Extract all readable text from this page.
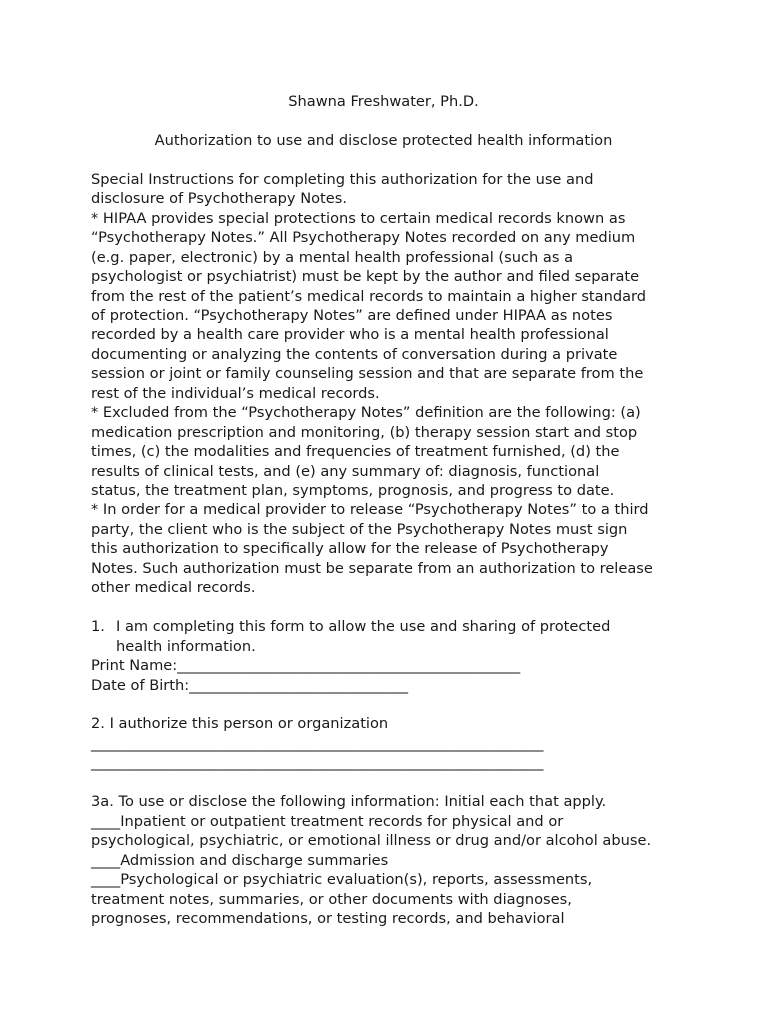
Shawna Freshwater, Ph.D.
Authorization to use and disclose protected health information
Special Instructions for completing this authorization for the use and
disclosure of Psychotherapy Notes.
* HIPAA provides special protections to certain medical records known as
“Psychotherapy Notes.” All Psychotherapy Notes recorded on any medium
(e.g. paper, electronic) by a mental health professional (such as a
psychologist or psychiatrist) must be kept by the author and filed separate
from the rest of the patient’s medical records to maintain a higher standard
of protection. “Psychotherapy Notes” are defined under HIPAA as notes
recorded by a health care provider who is a mental health professional
documenting or analyzing the contents of conversation during a private
session or joint or family counseling session and that are separate from the
rest of the individual’s medical records.
* Excluded from the “Psychotherapy Notes” definition are the following: (a)
medication prescription and monitoring, (b) therapy session start and stop
times, (c) the modalities and frequencies of treatment furnished, (d) the
results of clinical tests, and (e) any summary of: diagnosis, functional
status, the treatment plan, symptoms, prognosis, and progress to date.
* In order for a medical provider to release “Psychotherapy Notes” to a third
party, the client who is the subject of the Psychotherapy Notes must sign
this authorization to specifically allow for the release of Psychotherapy
Notes. Such authorization must be separate from an authorization to release
other medical records.
1. I am completing this form to allow the use and sharing of protected
health information.
Print Name:_______________________________________________
Date of Birth:______________________________
2. I authorize this person or organization
______________________________________________________________
______________________________________________________________
3a. To use or disclose the following information: Initial each that apply.
____Inpatient or outpatient treatment records for physical and or
psychological, psychiatric, or emotional illness or drug and/or alcohol abuse.
____Admission and discharge summaries
____Psychological or psychiatric evaluation(s), reports, assessments,
treatment notes, summaries, or other documents with diagnoses,
prognoses, recommendations, or testing records, and behavioral
